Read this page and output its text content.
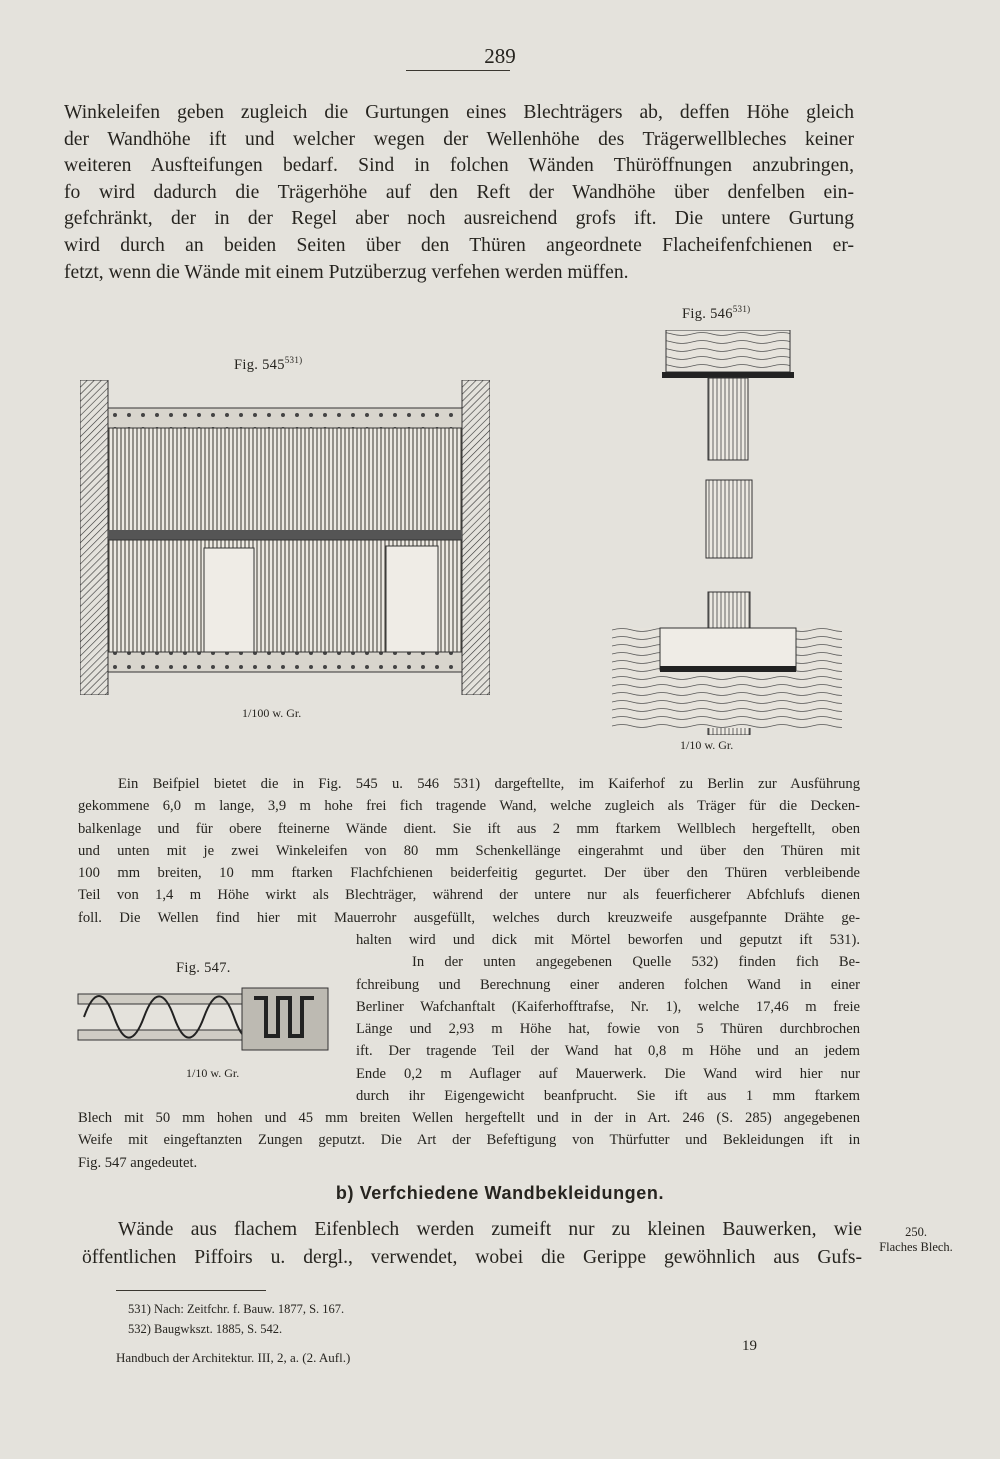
289
Winkeleifen geben zugleich die Gurtungen eines Blechträgers ab, deffen Höhe gleich
der Wandhöhe ift und welcher wegen der Wellenhöhe des Trägerwellbleches keiner
weiteren Ausfteifungen bedarf. Sind in folchen Wänden Thüröffnungen anzubringen,
fo wird dadurch die Trägerhöhe auf den Reft der Wandhöhe über denfelben ein-
gefchränkt, der in der Regel aber noch ausreichend grofs ift. Die untere Gurtung
wird durch an beiden Seiten über den Thüren angeordnete Flacheifenfchienen er-
fetzt, wenn die Wände mit einem Putzüberzug verfehen werden müffen.
Fig. 546$^{531)}$
Fig. 545$^{531)}$
1/100 w. Gr.
1/10 w. Gr.
Ein Beifpiel bietet die in Fig. 545 u. 546 531) dargeftellte, im Kaiferhof zu Berlin zur Ausführung
gekommene 6,0 m lange, 3,9 m hohe frei fich tragende Wand, welche zugleich als Träger für die Decken-
balkenlage und für obere fteinerne Wände dient. Sie ift aus 2 mm ftarkem Wellblech hergeftellt, oben
und unten mit je zwei Winkeleifen von 80 mm Schenkellänge eingerahmt und über den Thüren mit
100 mm breiten, 10 mm ftarken Flachfchienen beiderfeitig gegurtet. Der über den Thüren verbleibende
Teil von 1,4 m Höhe wirkt als Blechträger, während der untere nur als feuerficherer Abfchlufs dienen
foll. Die Wellen find hier mit Mauerrohr ausgefüllt, welches durch kreuzweife ausgefpannte Drähte ge-
Fig. 547.
1/10 w. Gr.
halten wird und dick mit Mörtel beworfen und geputzt ift 531).
In der unten angegebenen Quelle 532) finden fich Be-
fchreibung und Berechnung einer anderen folchen Wand in einer
Berliner Wafchanftalt (Kaiferhofftrafse, Nr. 1), welche 17,46 m freie
Länge und 2,93 m Höhe hat, fowie von 5 Thüren durchbrochen
ift. Der tragende Teil der Wand hat 0,8 m Höhe und an jedem
Ende 0,2 m Auflager auf Mauerwerk. Die Wand wird hier nur
durch ihr Eigengewicht beanfprucht. Sie ift aus 1 mm ftarkem
Blech mit 50 mm hohen und 45 mm breiten Wellen hergeftellt und in der in Art. 246 (S. 285) angegebenen
Weife mit eingeftanzten Zungen geputzt. Die Art der Befeftigung von Thürfutter und Bekleidungen ift in
Fig. 547 angedeutet.
b) Verfchiedene Wandbekleidungen.
Wände aus flachem Eifenblech werden zumeift nur zu kleinen Bauwerken, wie
öffentlichen Piffoirs u. dergl., verwendet, wobei die Gerippe gewöhnlich aus Gufs-
250.
Flaches Blech.
531) Nach: Zeitfchr. f. Bauw. 1877, S. 167.
532) Baugwkszt. 1885, S. 542.
Handbuch der Architektur. III, 2, a. (2. Aufl.)
19
